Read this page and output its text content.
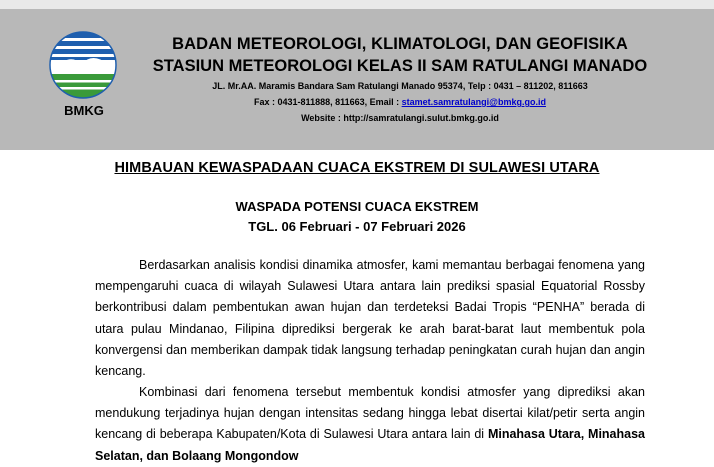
BMKG
BADAN METEOROLOGI, KLIMATOLOGI, DAN GEOFISIKA
STASIUN METEOROLOGI KELAS II SAM RATULANGI MANADO
JL. Mr.AA. Maramis Bandara Sam Ratulangi Manado 95374, Telp : 0431 – 811202, 811663
Fax : 0431-811888, 811663, Email : stamet.samratulangi@bmkg.go.id
Website : http://samratulangi.sulut.bmkg.go.id
HIMBAUAN KEWASPADAAN CUACA EKSTREM DI SULAWESI UTARA
WASPADA POTENSI CUACA EKSTREM
TGL. 06 Februari - 07 Februari 2026
Berdasarkan analisis kondisi dinamika atmosfer, kami memantau berbagai fenomena yang mempengaruhi cuaca di wilayah Sulawesi Utara antara lain prediksi spasial Equatorial Rossby berkontribusi dalam pembentukan awan hujan dan terdeteksi Badai Tropis “PENHA” berada di utara pulau Mindanao, Filipina diprediksi bergerak ke arah barat-barat laut membentuk pola konvergensi dan memberikan dampak tidak langsung terhadap peningkatan curah hujan dan angin kencang.
Kombinasi dari fenomena tersebut membentuk kondisi atmosfer yang diprediksi akan mendukung terjadinya hujan dengan intensitas sedang hingga lebat disertai kilat/petir serta angin kencang di beberapa Kabupaten/Kota di Sulawesi Utara antara lain di Minahasa Utara, Minahasa Selatan, dan Bolaang Mongondow
